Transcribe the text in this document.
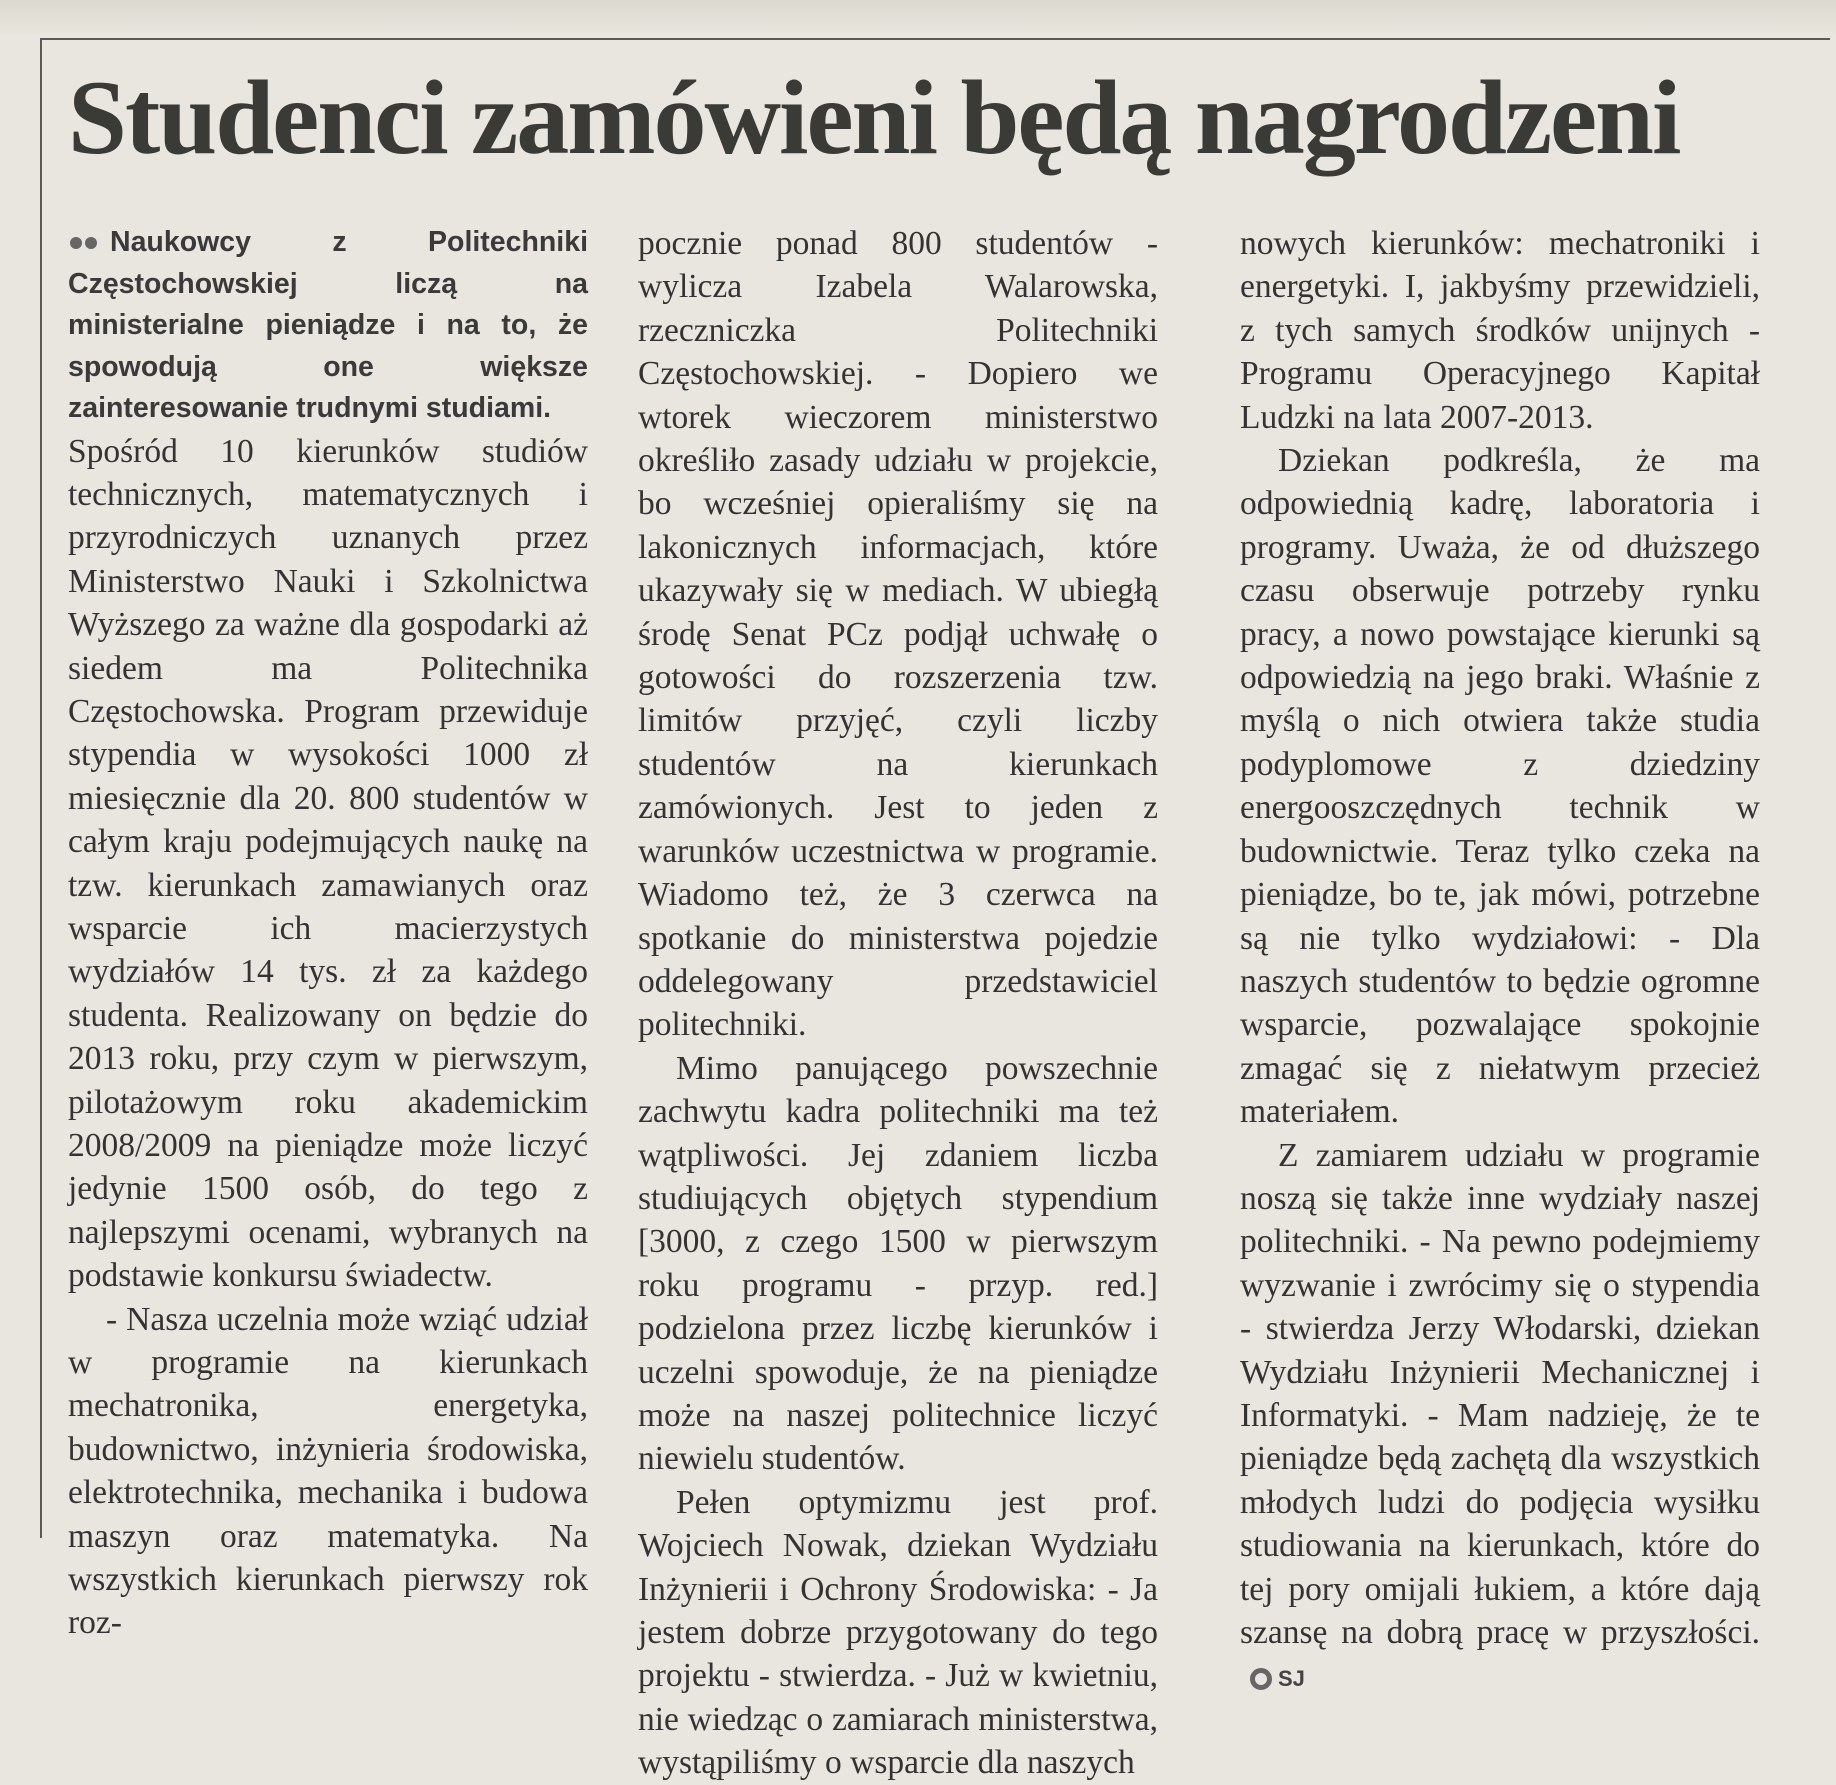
Studenci zamówieni będą nagrodzeni

Naukowcy z Politechniki Częstochowskiej liczą na ministerialne pieniądze i na to, że spowodują one większe zainteresowanie trudnymi studiami.

Spośród 10 kierunków studiów technicznych, matematycznych i przyrodniczych uznanych przez Ministerstwo Nauki i Szkolnictwa Wyższego za ważne dla gospodarki aż siedem ma Politechnika Częstochowska. Program przewiduje stypendia w wysokości 1000 zł miesięcznie dla 20. 800 studentów w całym kraju podejmujących naukę na tzw. kierunkach zamawianych oraz wsparcie ich macierzystych wydziałów 14 tys. zł za każdego studenta. Realizowany on będzie do 2013 roku, przy czym w pierwszym, pilotażowym roku akademickim 2008/2009 na pieniądze może liczyć jedynie 1500 osób, do tego z najlepszymi ocenami, wybranych na podstawie konkursu świadectw.

- Nasza uczelnia może wziąć udział w programie na kierunkach mechatronika, energetyka, budownictwo, inżynieria środowiska, elektrotechnika, mechanika i budowa maszyn oraz matematyka. Na wszystkich kierunkach pierwszy rok roz-

pocznie ponad 800 studentów - wylicza Izabela Walarowska, rzeczniczka Politechniki Częstochowskiej. - Dopiero we wtorek wieczorem ministerstwo określiło zasady udziału w projekcie, bo wcześniej opieraliśmy się na lakonicznych informacjach, które ukazywały się w mediach. W ubiegłą środę Senat PCz podjął uchwałę o gotowości do rozszerzenia tzw. limitów przyjęć, czyli liczby studentów na kierunkach zamówionych. Jest to jeden z warunków uczestnictwa w programie. Wiadomo też, że 3 czerwca na spotkanie do ministerstwa pojedzie oddelegowany przedstawiciel politechniki.

Mimo panującego powszechnie zachwytu kadra politechniki ma też wątpliwości. Jej zdaniem liczba studiujących objętych stypendium [3000, z czego 1500 w pierwszym roku programu - przyp. red.] podzielona przez liczbę kierunków i uczelni spowoduje, że na pieniądze może na naszej politechnice liczyć niewielu studentów.

Pełen optymizmu jest prof. Wojciech Nowak, dziekan Wydziału Inżynierii i Ochrony Środowiska: - Ja jestem dobrze przygotowany do tego projektu - stwierdza. - Już w kwietniu, nie wiedząc o zamiarach ministerstwa, wystąpiliśmy o wsparcie dla naszych

nowych kierunków: mechatroniki i energetyki. I, jakbyśmy przewidzieli, z tych samych środków unijnych - Programu Operacyjnego Kapitał Ludzki na lata 2007-2013.

Dziekan podkreśla, że ma odpowiednią kadrę, laboratoria i programy. Uważa, że od dłuższego czasu obserwuje potrzeby rynku pracy, a nowo powstające kierunki są odpowiedzią na jego braki. Właśnie z myślą o nich otwiera także studia podyplomowe z dziedziny energooszczędnych technik w budownictwie. Teraz tylko czeka na pieniądze, bo te, jak mówi, potrzebne są nie tylko wydziałowi: - Dla naszych studentów to będzie ogromne wsparcie, pozwalające spokojnie zmagać się z niełatwym przecież materiałem.

Z zamiarem udziału w programie noszą się także inne wydziały naszej politechniki. - Na pewno podejmiemy wyzwanie i zwrócimy się o stypendia - stwierdza Jerzy Włodarski, dziekan Wydziału Inżynierii Mechanicznej i Informatyki. - Mam nadzieję, że te pieniądze będą zachętą dla wszystkich młodych ludzi do podjęcia wysiłku studiowania na kierunkach, które do tej pory omijali łukiem, a które dają szansę na dobrą pracę w przyszłości.SJ
